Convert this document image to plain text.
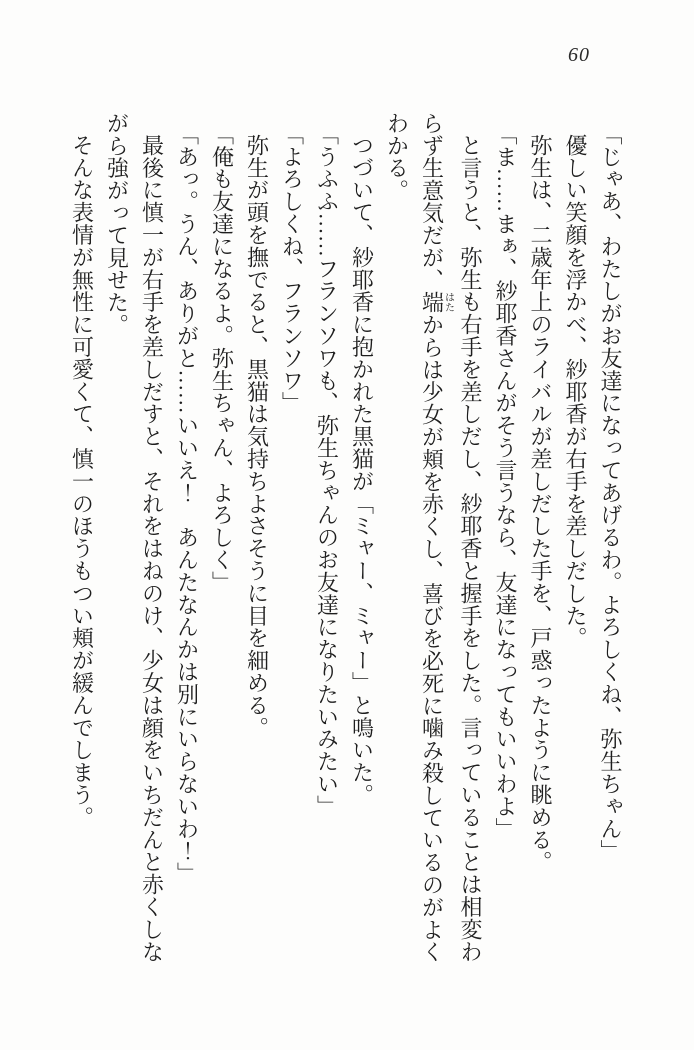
60
「じゃあ、わたしがお友達になってあげるわ。よろしくね、弥生ちゃん」
優しい笑顔を浮かべ、紗耶香が右手を差しだした。
弥生は、二歳年上のライバルが差しだした手を、戸惑ったように眺める。
「ま……まぁ、紗耶香さんがそう言うなら、友達になってもいいわよ」
と言うと、弥生も右手を差しだし、紗耶香と握手をした。言っていることは相変わ
らず生意気だが、端はたからは少女が頬を赤くし、喜びを必死に噛み殺しているのがよく
わかる。
つづいて、紗耶香に抱かれた黒猫が「ミャー、ミャー」と鳴いた。
「うふふ……フランソワも、弥生ちゃんのお友達になりたいみたい」
「よろしくね、フランソワ」
弥生が頭を撫でると、黒猫は気持ちよさそうに目を細める。
「俺も友達になるよ。弥生ちゃん、よろしく」
「あっ。うん、ありがと……いいえ！　あんたなんかは別にいらないわ！」
最後に慎一が右手を差しだすと、それをはねのけ、少女は顔をいちだんと赤くしな
がら強がって見せた。
そんな表情が無性に可愛くて、慎一のほうもつい頬が緩んでしまう。
